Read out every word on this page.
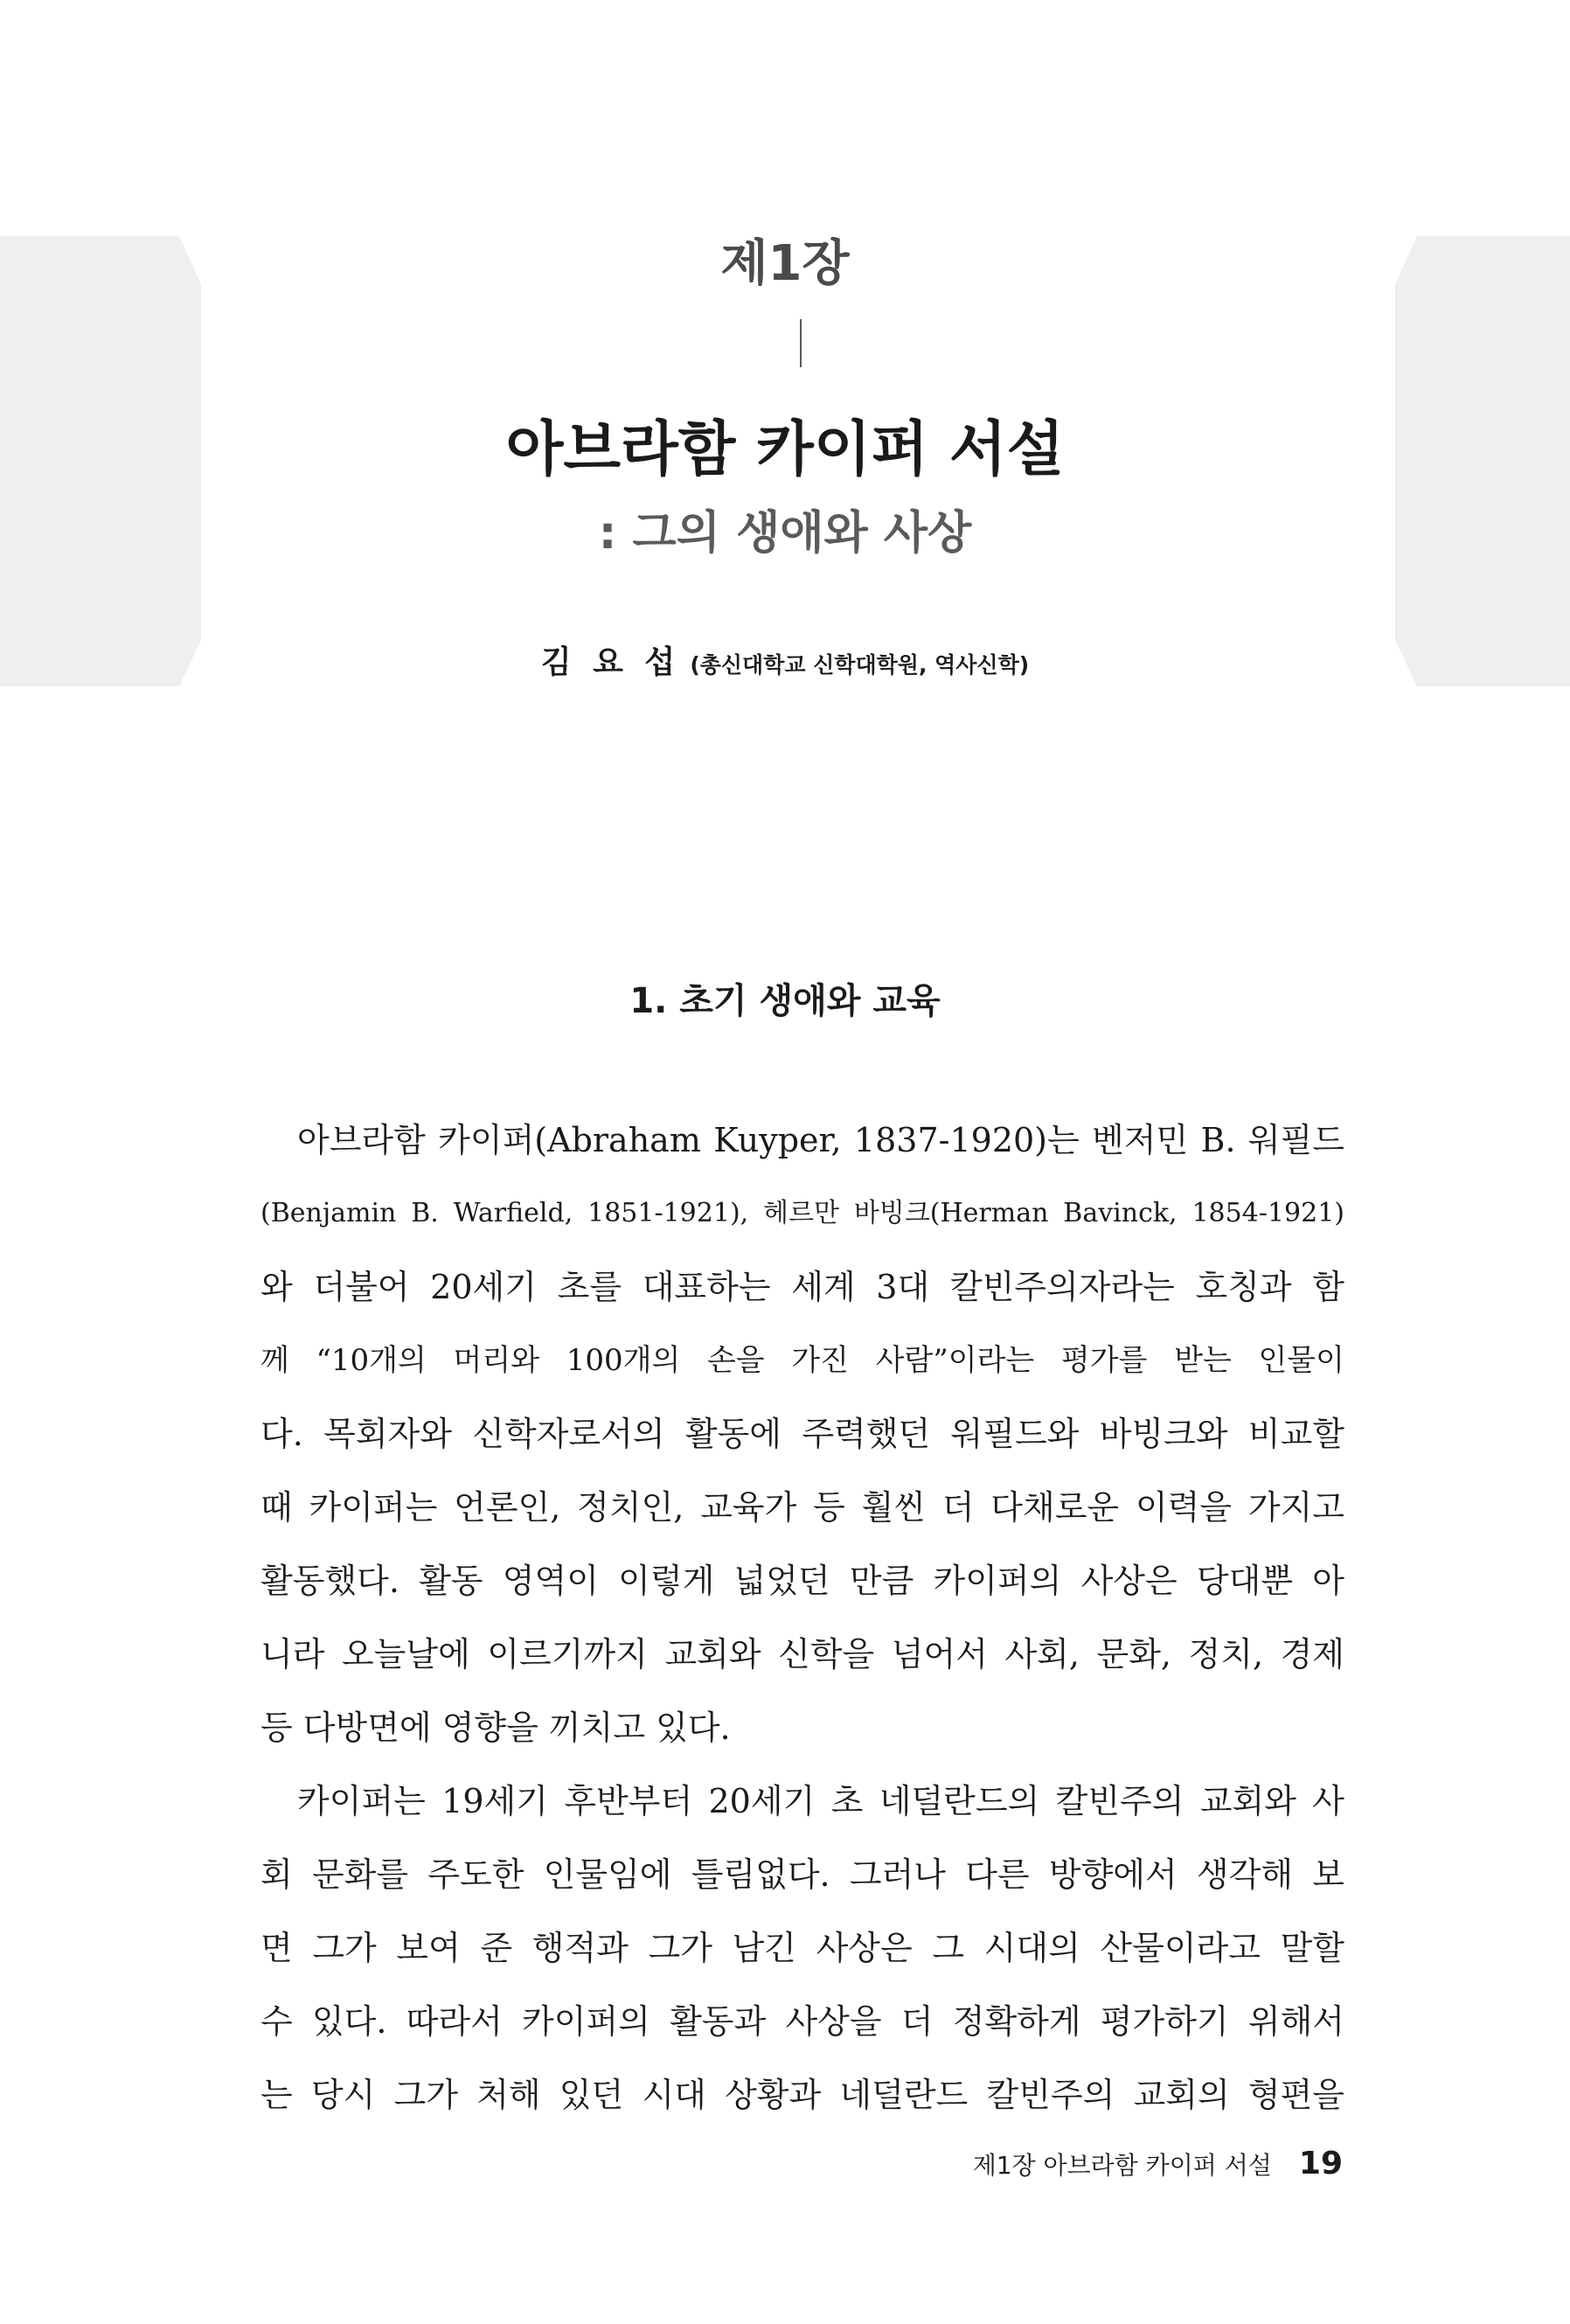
제1장
아브라함 카이퍼 서설
: 그의 생애와 사상
김 요 섭 (총신대학교 신학대학원, 역사신학)
1. 초기 생애와 교육
아브라함 카이퍼(Abraham Kuyper, 1837-1920)는 벤저민 B. 워필드
(Benjamin B. Warfield, 1851-1921), 헤르만 바빙크(Herman Bavinck, 1854-1921)
와 더불어 20세기 초를 대표하는 세계 3대 칼빈주의자라는 호칭과 함
께 “10개의 머리와 100개의 손을 가진 사람”이라는 평가를 받는 인물이
다. 목회자와 신학자로서의 활동에 주력했던 워필드와 바빙크와 비교할
때 카이퍼는 언론인, 정치인, 교육가 등 훨씬 더 다채로운 이력을 가지고
활동했다. 활동 영역이 이렇게 넓었던 만큼 카이퍼의 사상은 당대뿐 아
니라 오늘날에 이르기까지 교회와 신학을 넘어서 사회, 문화, 정치, 경제
등 다방면에 영향을 끼치고 있다.
카이퍼는 19세기 후반부터 20세기 초 네덜란드의 칼빈주의 교회와 사
회 문화를 주도한 인물임에 틀림없다. 그러나 다른 방향에서 생각해 보
면 그가 보여 준 행적과 그가 남긴 사상은 그 시대의 산물이라고 말할
수 있다. 따라서 카이퍼의 활동과 사상을 더 정확하게 평가하기 위해서
는 당시 그가 처해 있던 시대 상황과 네덜란드 칼빈주의 교회의 형편을
제1장 아브라함 카이퍼 서설 19
